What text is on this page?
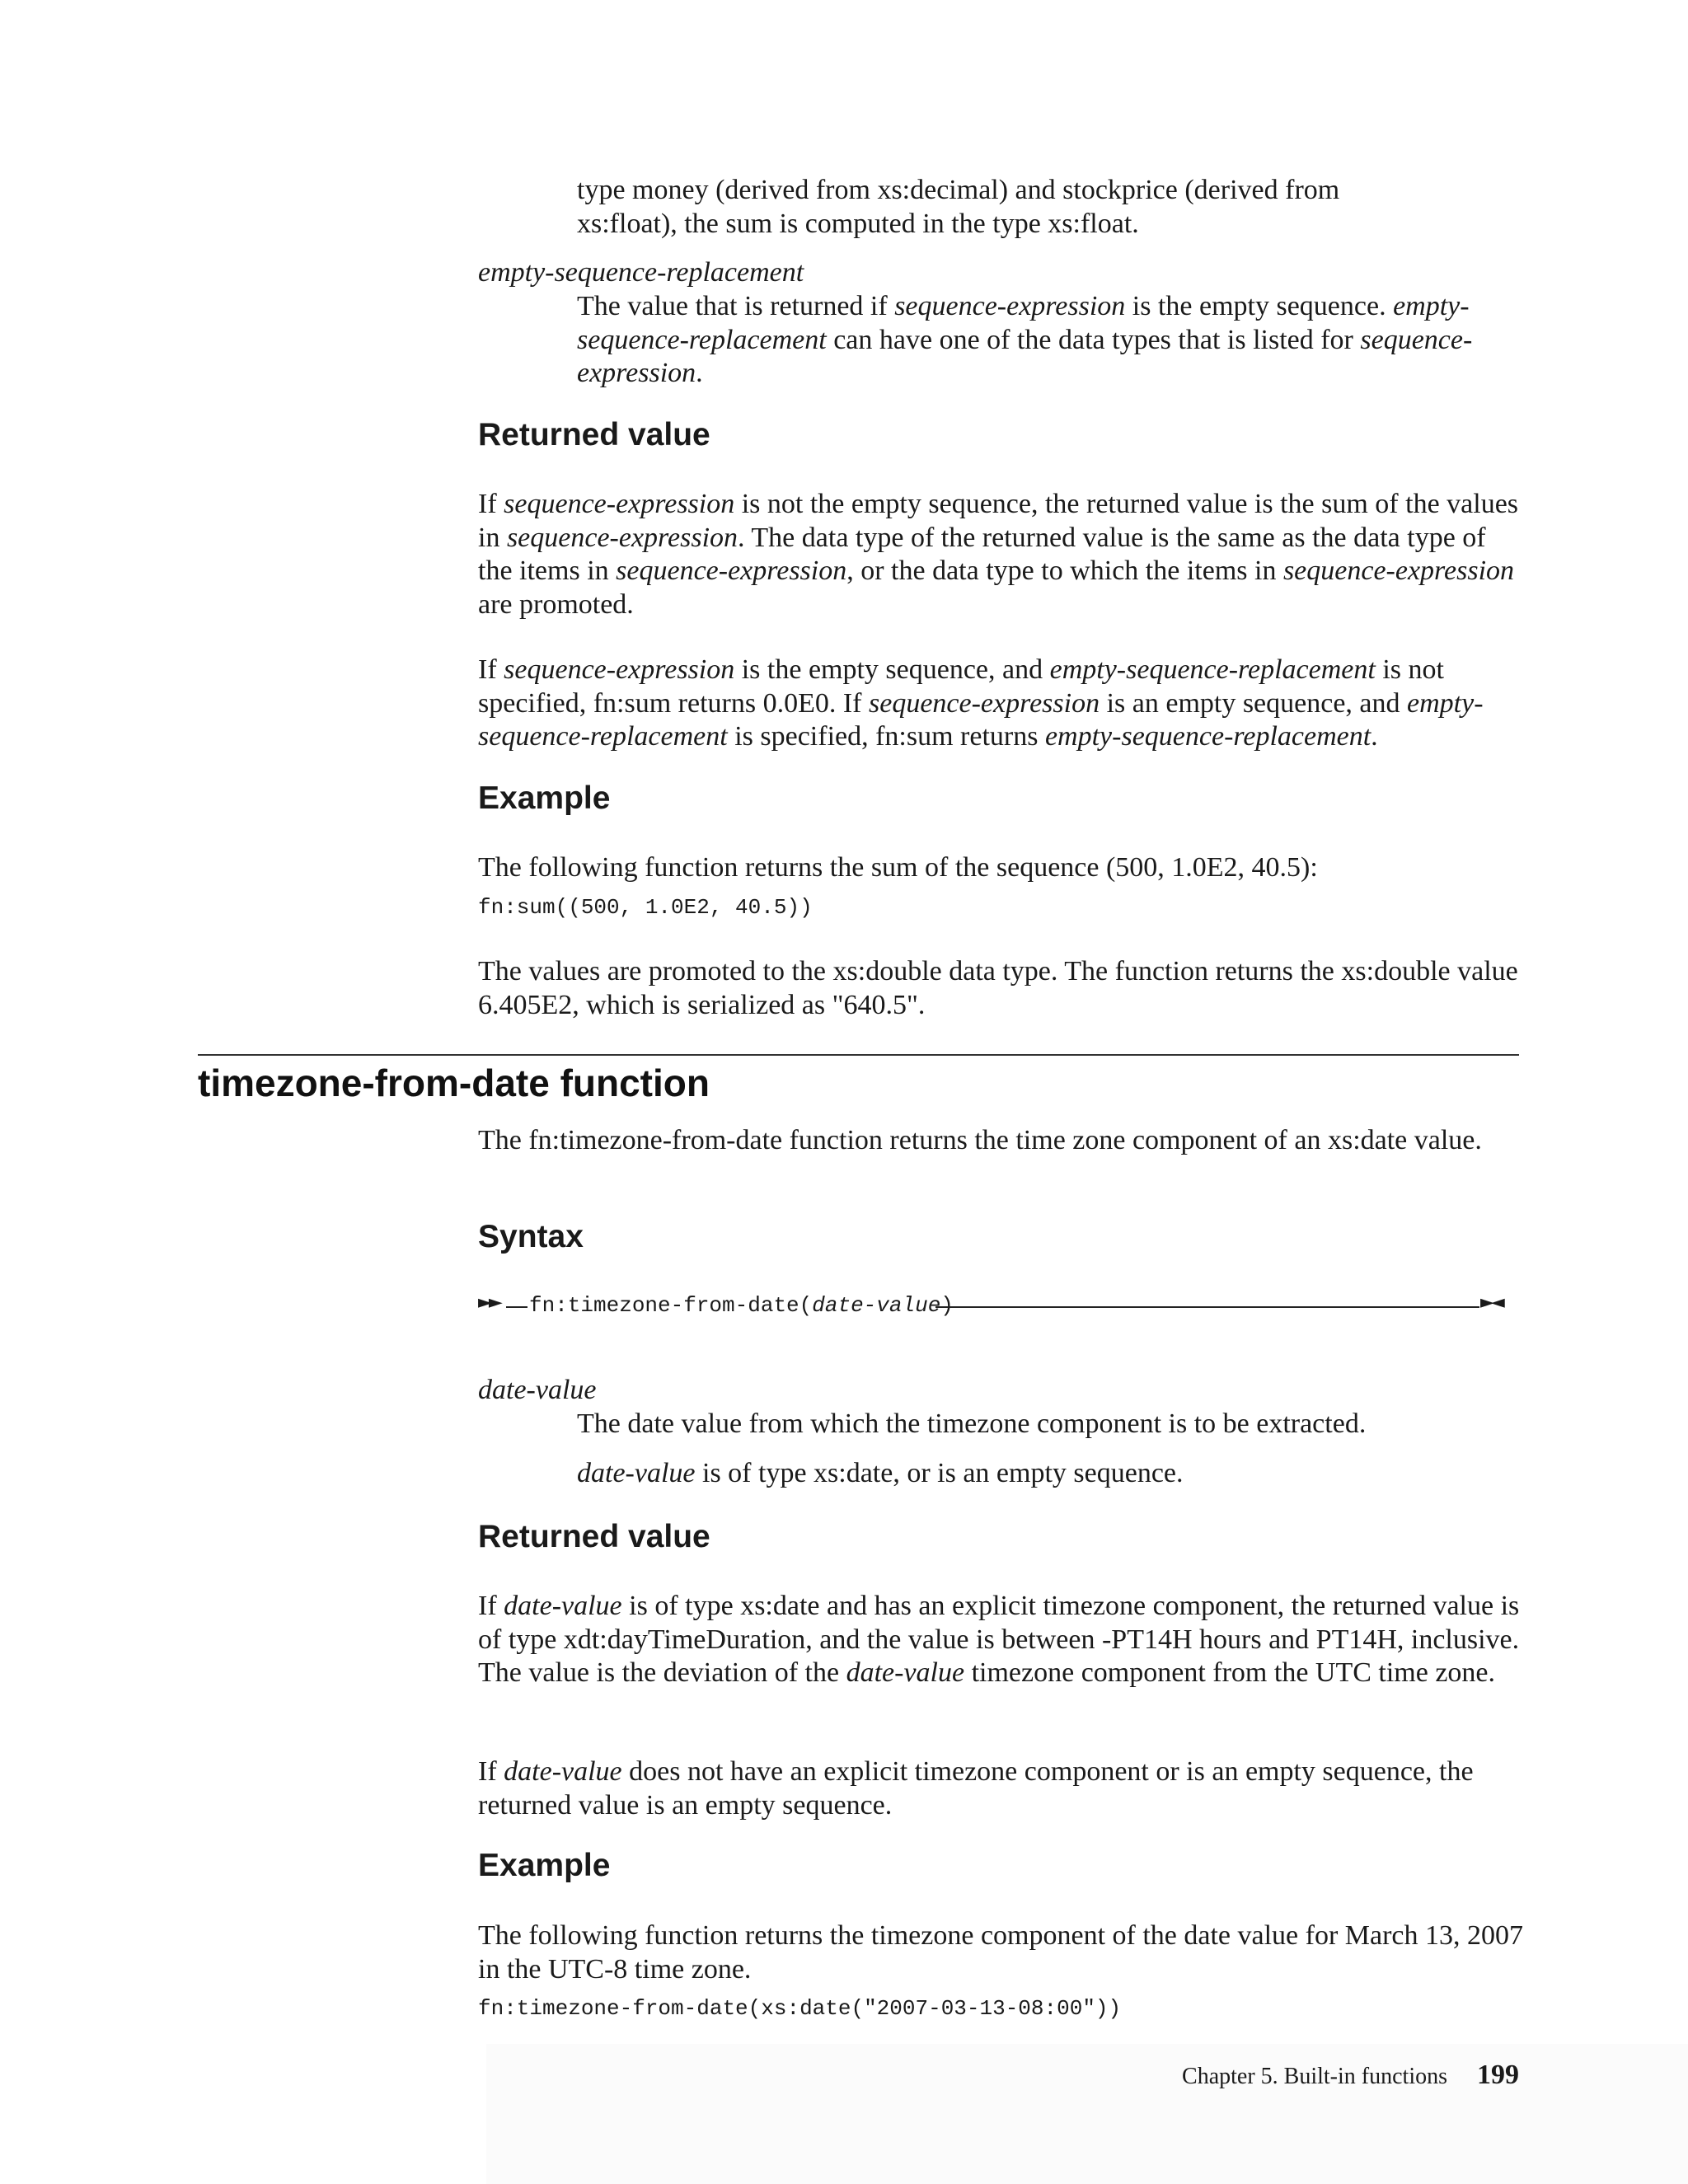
type money (derived from xs:decimal) and stockprice (derived from
xs:float), the sum is computed in the type xs:float.

empty-sequence-replacement

The value that is returned if sequence-expression is the empty sequence. empty-sequence-replacement can have one of the data types that is listed for sequence-expression.

Returned value

If sequence-expression is not the empty sequence, the returned value is the sum of the values in sequence-expression. The data type of the returned value is the same as the data type of the items in sequence-expression, or the data type to which the items in sequence-expression are promoted.

If sequence-expression is the empty sequence, and empty-sequence-replacement is not specified, fn:sum returns 0.0E0. If sequence-expression is an empty sequence, and empty-sequence-replacement is specified, fn:sum returns empty-sequence-replacement.

Example

The following function returns the sum of the sequence (500, 1.0E2, 40.5):

fn:sum((500, 1.0E2, 40.5))

The values are promoted to the xs:double data type. The function returns the xs:double value 6.405E2, which is serialized as "640.5".

timezone-from-date function

The fn:timezone-from-date function returns the time zone component of an xs:date value.

Syntax
►► fn:timezone-from-date(date-value)	►◄

date-value

The date value from which the timezone component is to be extracted.

date-value is of type xs:date, or is an empty sequence.

Returned value

If date-value is of type xs:date and has an explicit timezone component, the returned value is of type xdt:dayTimeDuration, and the value is between -PT14H hours and PT14H, inclusive. The value is the deviation of the date-value timezone component from the UTC time zone.

If date-value does not have an explicit timezone component or is an empty sequence, the returned value is an empty sequence.

Example

The following function returns the timezone component of the date value for March 13, 2007 in the UTC-8 time zone.

fn:timezone-from-date(xs:date("2007-03-13-08:00"))
Chapter 5. Built-in functions 199
